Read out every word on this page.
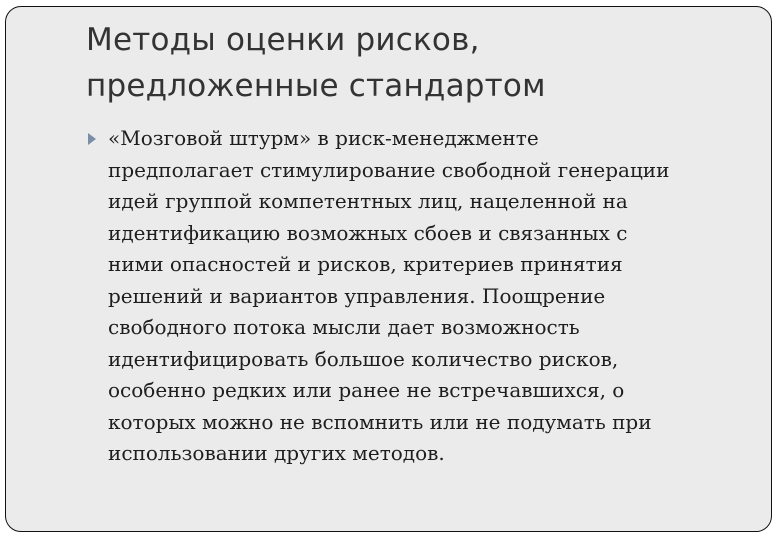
Методы оценки рисков,
предложенные стандартом
«Мозговой штурм» в риск-менеджменте
предполагает стимулирование свободной генерации
идей группой компетентных лиц, нацеленной на
идентификацию возможных сбоев и связанных с
ними опасностей и рисков, критериев принятия
решений и вариантов управления. Поощрение
свободного потока мысли дает возможность
идентифицировать большое количество рисков,
особенно редких или ранее не встречавшихся, о
которых можно не вспомнить или не подумать при
использовании других методов.
